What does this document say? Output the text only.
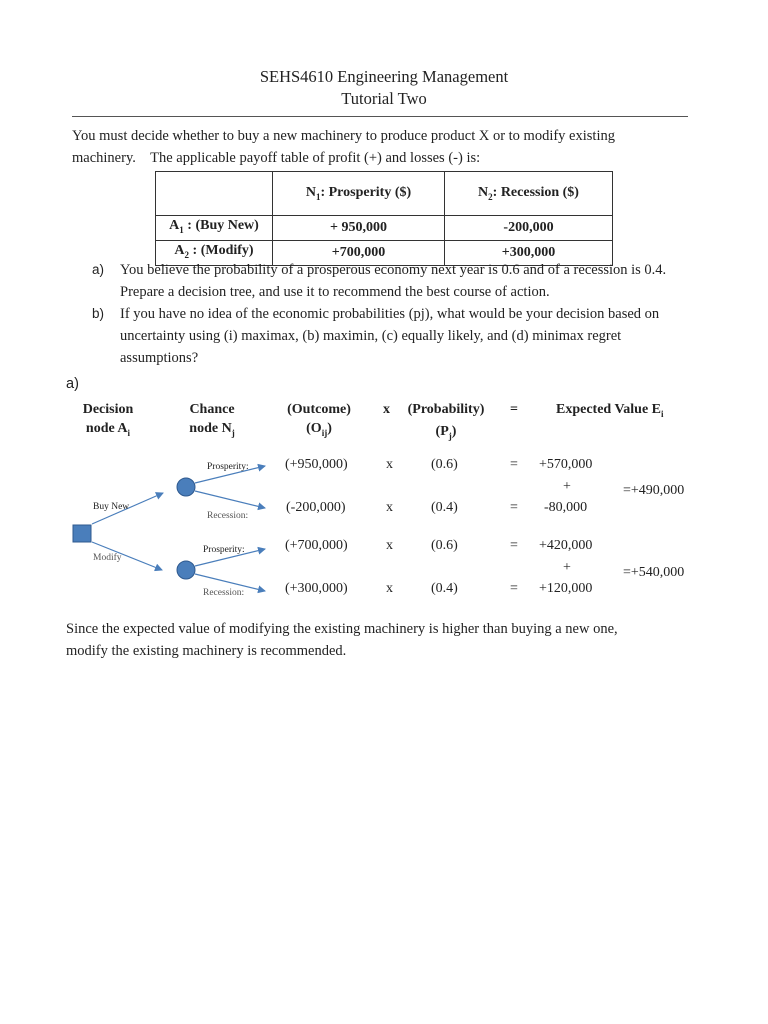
SEHS4610 Engineering Management
Tutorial Two
You must decide whether to buy a new machinery to produce product X or to modify existing
machinery.    The applicable payoff table of profit (+) and losses (-) is:
	$N_1$: Prosperity ($)	$N_2$: Recession ($)
$A_1$ : (Buy New)	+ 950,000	-200,000
$A_2$ : (Modify)	+700,000	+300,000
a) You believe the probability of a prosperous economy next year is 0.6 and of a recession is 0.4. Prepare a decision tree, and use it to recommend the best course of action.
b) If you have no idea of the economic probabilities (pj), what would be your decision based on uncertainty using (i) maximax, (b) maximin, (c) equally likely, and (d) minimax regret assumptions?
a)
Decision
node $A_i$
Chance
node $N_j$
(Outcome)
$(O_{ij})$
x	(Probability)
$(P_j)$
=	Expected Value $E_i$
Buy New
Modify
Prosperity:
Recession:
Prosperity:
Recession:
(+950,000)	x	(0.6)	= +570,000
+	=+490,000
(-200,000)	x	(0.4)	= -80,000
(+700,000)	x	(0.6)	= +420,000
+	=+540,000
(+300,000)	x	(0.4)	= +120,000
Since the expected value of modifying the existing machinery is higher than buying a new one,
modify the existing machinery is recommended.
